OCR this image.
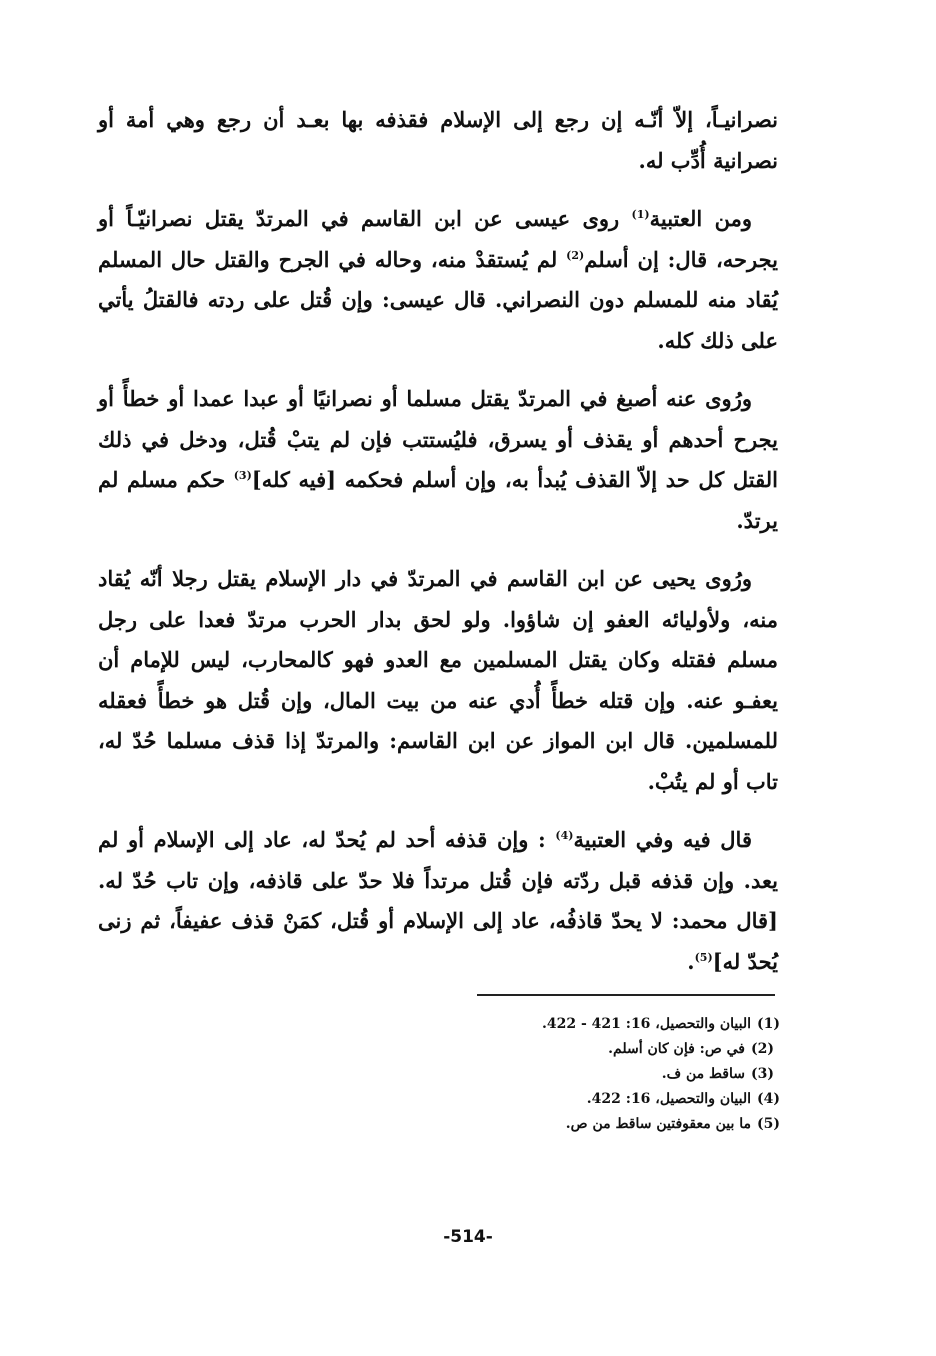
نصرانيـاً، إلاّ أنّـه إن رجع إلى الإسلام فقذفه بها بعـد أن رجع وهي أمة أو نصرانية أُدِّب له.

ومن العتبية$^{(1)}$ روى عيسى عن ابن القاسم في المرتدّ يقتل نصرانيّـاً أو يجرحه، قال: إن أسلم$^{(2)}$ لم يُستقدْ منه، وحاله في الجرح والقتل حال المسلم يُقاد منه للمسلم دون النصراني. قال عيسى: وإن قُتل على ردته فالقتلُ يأتي على ذلك كله.

ورُوى عنه أصبغ في المرتدّ يقتل مسلما أو نصرانيًا أو عبدا عمدا أو خطأً أو يجرح أحدهم أو يقذف أو يسرق، فليُستتب فإن لم يتبْ قُتل، ودخل في ذلك القتل كل حد إلاّ القذف يُبدأ به، وإن أسلم فحكمه [فيه كله]$^{(3)}$ حكم مسلم لم يرتدّ.

ورُوى يحيى عن ابن القاسم في المرتدّ في دار الإسلام يقتل رجلا أنّه يُقاد منه، ولأوليائه العفو إن شاؤوا. ولو لحق بدار الحرب مرتدّ فعدا على رجل مسلم فقتله وكان يقتل المسلمين مع العدو فهو كالمحارب، ليس للإمام أن يعفـو عنه. وإن قتله خطأً أُدي عنه من بيت المال، وإن قُتل هو خطأً فعقله للمسلمين. قال ابن المواز عن ابن القاسم: والمرتدّ إذا قذف مسلما حُدّ له، تاب أو لم يتُبْ.

قال فيه وفي العتبية$^{(4)}$ : وإن قذفه أحد لم يُحدّ له، عاد إلى الإسلام أو لم يعد. وإن قذفه قبل ردّته فإن قُتل مرتداً فلا حدّ على قاذفه، وإن تاب حُدّ له. [قال محمد: لا يحدّ قاذفُه، عاد إلى الإسلام أو قُتل، كمَنْ قذف عفيفاً، ثم زنى يُحدّ له]$^{(5)}$.

(1)البيان والتحصيل، 16: 421 - 422.
(2)في ص: فإن كان أسلم.
(3)ساقط من ف.
(4)البيان والتحصيل، 16: 422.
(5)ما بين معقوفتين ساقط من ص.
-514-
